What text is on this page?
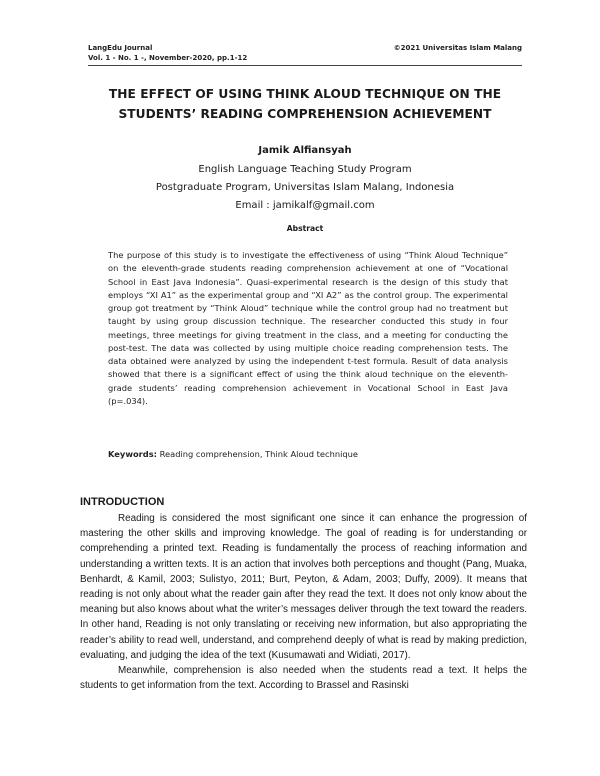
LangEdu Journal	©2021 Universitas Islam Malang
Vol. 1 - No. 1 -, November-2020, pp.1-12
THE EFFECT OF USING THINK ALOUD TECHNIQUE ON THE
STUDENTS’ READING COMPREHENSION ACHIEVEMENT
Jamik Alfiansyah
English Language Teaching Study Program
Postgraduate Program, Universitas Islam Malang, Indonesia
Email : jamikalf@gmail.com
Abstract
The purpose of this study is to investigate the effectiveness of using “Think Aloud Technique” on the eleventh-grade students reading comprehension achievement at one of “Vocational School in East Java Indonesia”. Quasi-experimental research is the design of this study that employs “XI A1” as the experimental group and “XI A2” as the control group. The experimental group got treatment by “Think Aloud” technique while the control group had no treatment but taught by using group discussion technique. The researcher conducted this study in four meetings, three meetings for giving treatment in the class, and a meeting for conducting the post-test. The data was collected by using multiple choice reading comprehension tests. The data obtained were analyzed by using the independent t-test formula. Result of data analysis showed that there is a significant effect of using the think aloud technique on the eleventh-grade students’ reading comprehension achievement in Vocational School in East Java (p=.034).
Keywords: Reading comprehension, Think Aloud technique
INTRODUCTION

Reading is considered the most significant one since it can enhance the progression of mastering the other skills and improving knowledge. The goal of reading is for understanding or comprehending a printed text. Reading is fundamentally the process of reaching information and understanding a written texts. It is an action that involves both perceptions and thought (Pang, Muaka, Benhardt, & Kamil, 2003; Sulistyo, 2011; Burt, Peyton, & Adam, 2003; Duffy, 2009). It means that reading is not only about what the reader gain after they read the text. It does not only know about the meaning but also knows about what the writer’s messages deliver through the text toward the readers. In other hand, Reading is not only translating or receiving new information, but also appropriating the reader’s ability to read well, understand, and comprehend deeply of what is read by making prediction, evaluating, and judging the idea of the text (Kusumawati and Widiati, 2017).

Meanwhile, comprehension is also needed when the students read a text. It helps the students to get information from the text. According to Brassel and Rasinski
